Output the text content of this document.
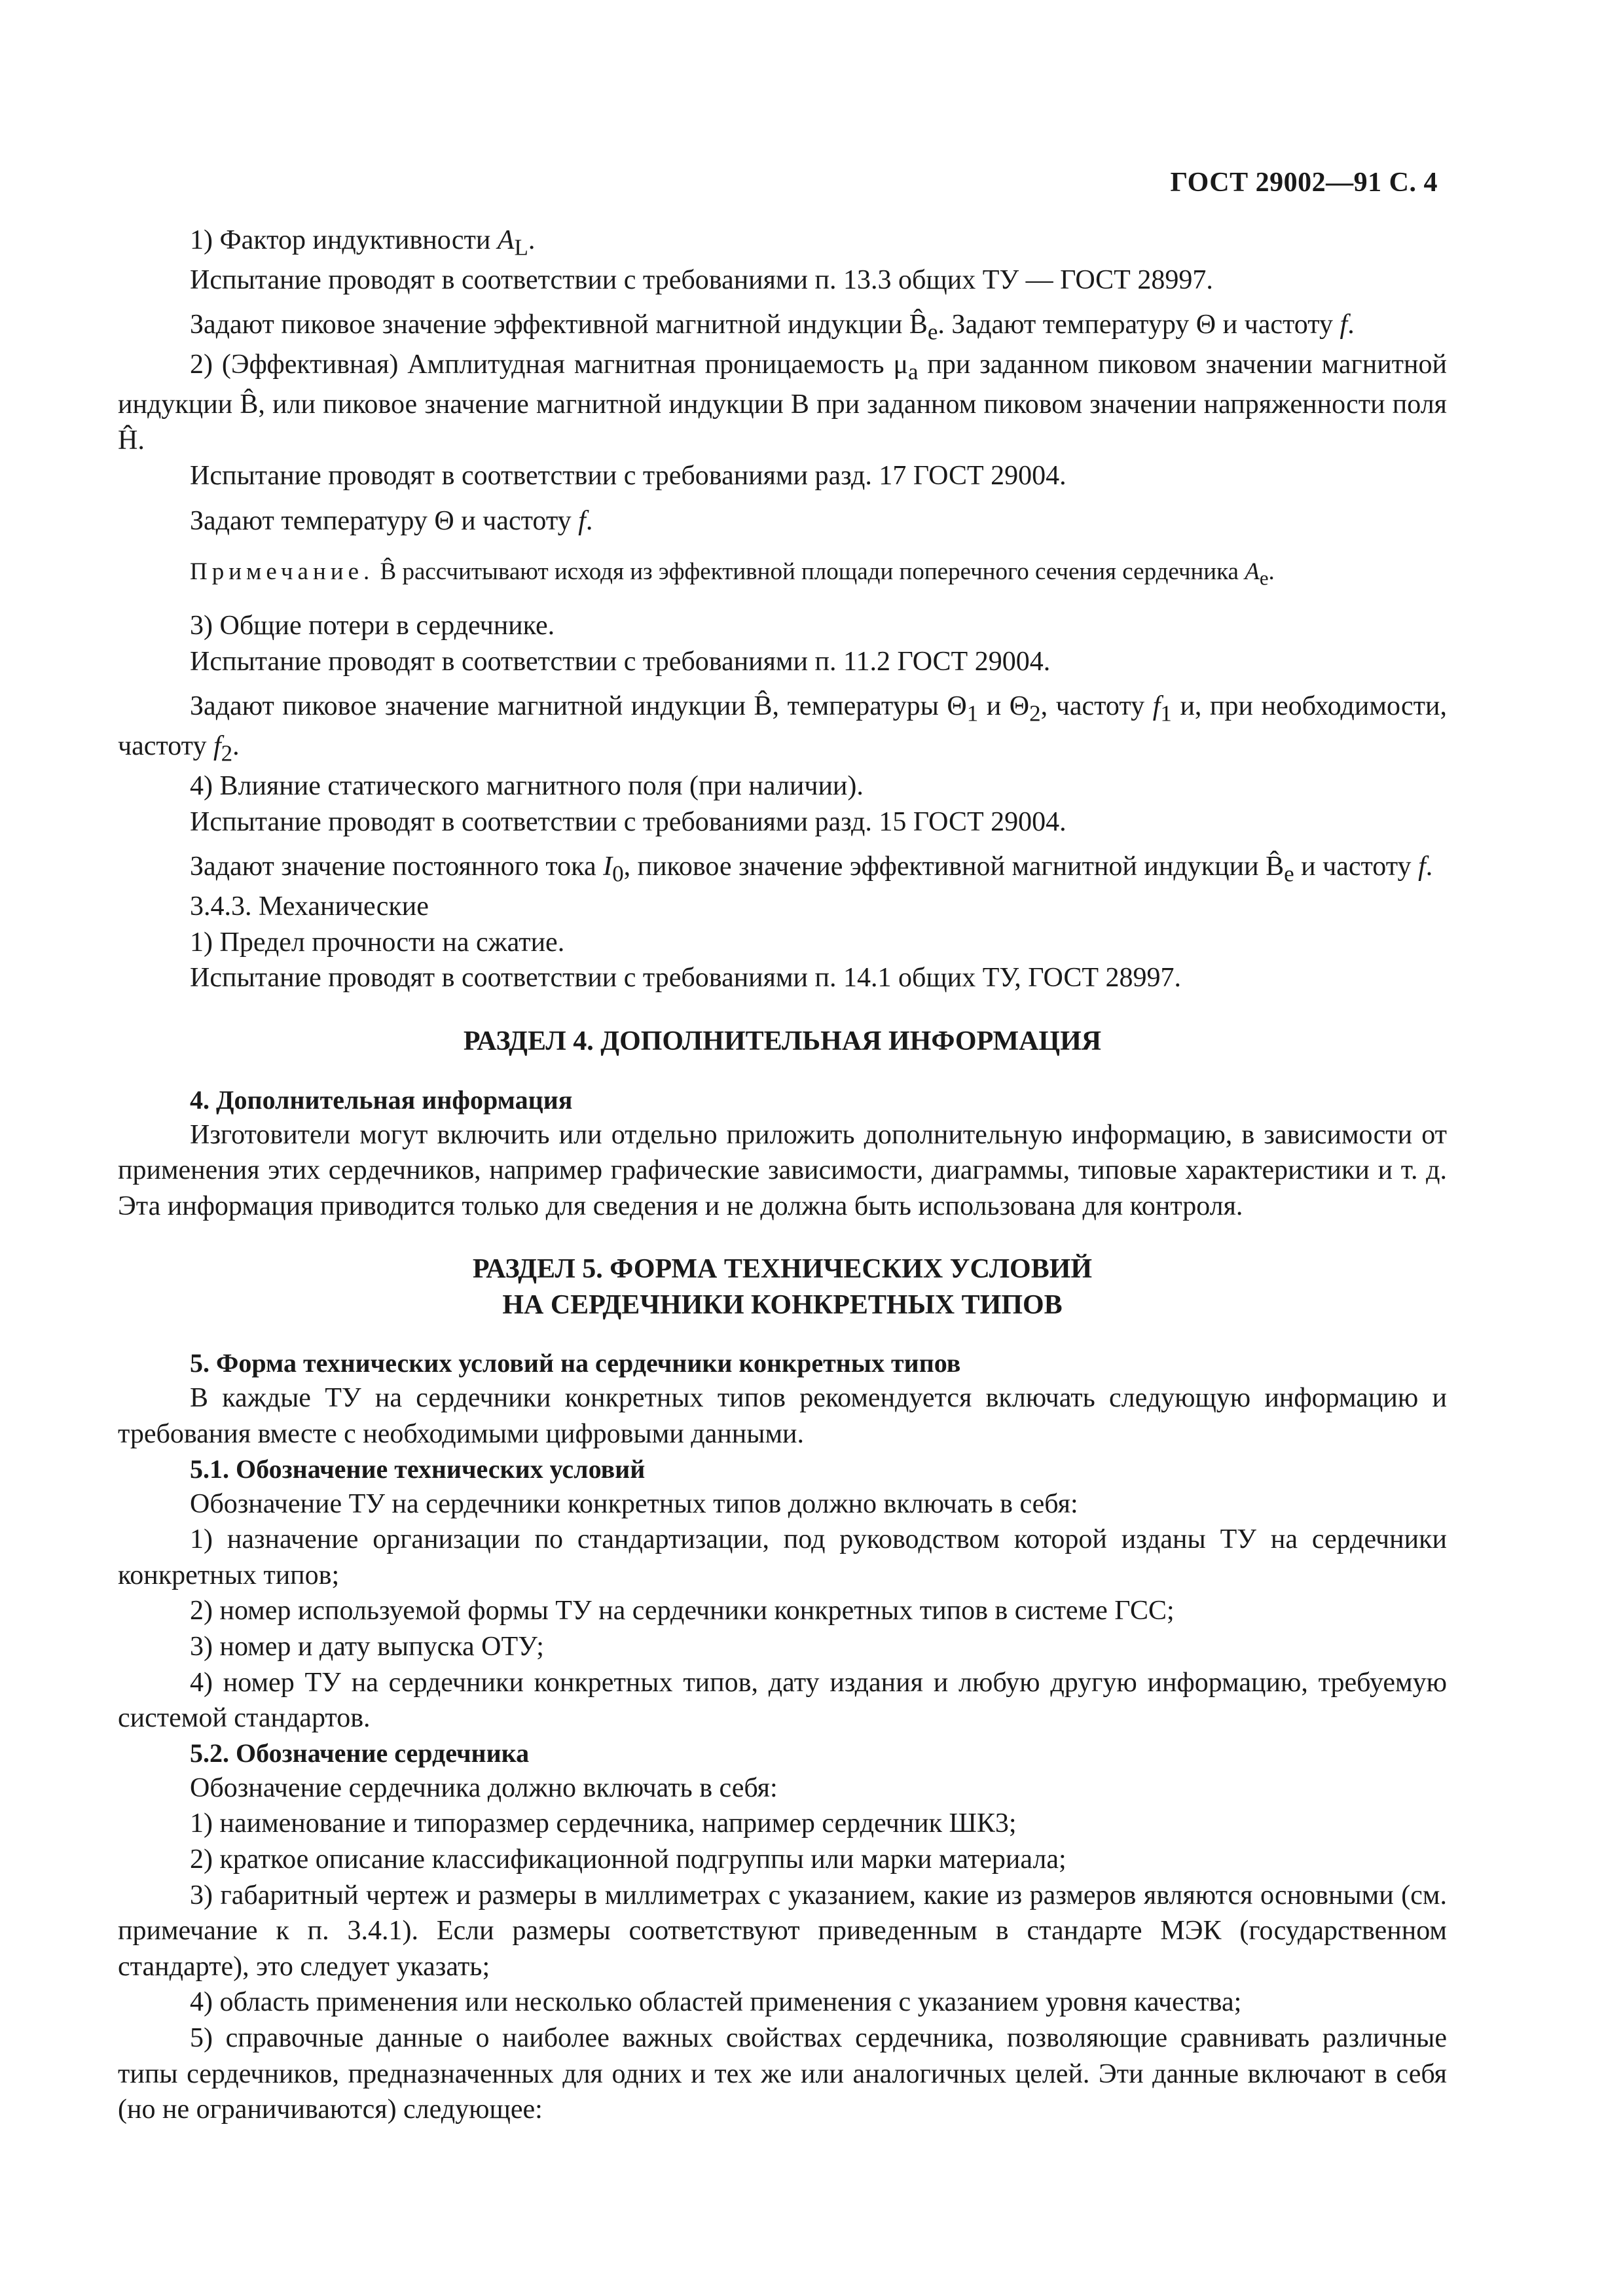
ГОСТ 29002—91 С. 4

1) Фактор индуктивности $A_L$.

Испытание проводят в соответствии с требованиями п. 13.3 общих ТУ — ГОСТ 28997.

Задают пиковое значение эффективной магнитной индукции $B̂_e$. Задают температуру Θ и частоту f.

2) (Эффективная) Амплитудная магнитная проницаемость $\mu_a$ при заданном пиковом значении магнитной индукции B̂, или пиковое значение магнитной индукции B при заданном пиковом значении напряженности поля Ĥ.

Испытание проводят в соответствии с требованиями разд. 17 ГОСТ 29004.

Задают температуру Θ и частоту f.

Примечание. B̂ рассчитывают исходя из эффективной площади поперечного сечения сердечника $A_e$.

3) Общие потери в сердечнике.

Испытание проводят в соответствии с требованиями п. 11.2 ГОСТ 29004.

Задают пиковое значение магнитной индукции B̂, температуры $\Theta_1$ и $\Theta_2$, частоту $f_1$ и, при необходимости, частоту $f_2$.

4) Влияние статического магнитного поля (при наличии).

Испытание проводят в соответствии с требованиями разд. 15 ГОСТ 29004.

Задают значение постоянного тока $I_0$, пиковое значение эффективной магнитной индукции $B̂_e$ и частоту f.

3.4.3. Механические

1) Предел прочности на сжатие.

Испытание проводят в соответствии с требованиями п. 14.1 общих ТУ, ГОСТ 28997.

РАЗДЕЛ 4. ДОПОЛНИТЕЛЬНАЯ ИНФОРМАЦИЯ

4. Дополнительная информация

Изготовители могут включить или отдельно приложить дополнительную информацию, в зависимости от применения этих сердечников, например графические зависимости, диаграммы, типовые характеристики и т. д. Эта информация приводится только для сведения и не должна быть использована для контроля.

РАЗДЕЛ 5. ФОРМА ТЕХНИЧЕСКИХ УСЛОВИЙ
НА СЕРДЕЧНИКИ КОНКРЕТНЫХ ТИПОВ

5. Форма технических условий на сердечники конкретных типов

В каждые ТУ на сердечники конкретных типов рекомендуется включать следующую информацию и требования вместе с необходимыми цифровыми данными.

5.1. Обозначение технических условий

Обозначение ТУ на сердечники конкретных типов должно включать в себя:

1) назначение организации по стандартизации, под руководством которой изданы ТУ на сердечники конкретных типов;

2) номер используемой формы ТУ на сердечники конкретных типов в системе ГСС;

3) номер и дату выпуска ОТУ;

4) номер ТУ на сердечники конкретных типов, дату издания и любую другую информацию, требуемую системой стандартов.

5.2. Обозначение сердечника

Обозначение сердечника должно включать в себя:

1) наименование и типоразмер сердечника, например сердечник ШК3;

2) краткое описание классификационной подгруппы или марки материала;

3) габаритный чертеж и размеры в миллиметрах с указанием, какие из размеров являются основными (см. примечание к п. 3.4.1). Если размеры соответствуют приведенным в стандарте МЭК (государственном стандарте), это следует указать;

4) область применения или несколько областей применения с указанием уровня качества;

5) справочные данные о наиболее важных свойствах сердечника, позволяющие сравнивать различные типы сердечников, предназначенных для одних и тех же или аналогичных целей. Эти данные включают в себя (но не ограничиваются) следующее:
